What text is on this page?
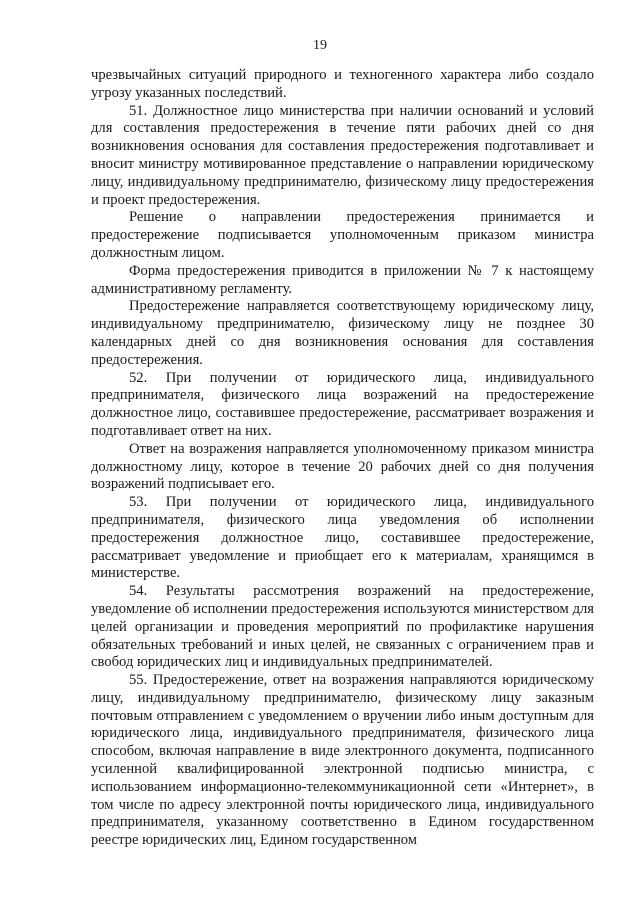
19

чрезвычайных ситуаций природного и техногенного характера либо создало угрозу указанных последствий.

51. Должностное лицо министерства при наличии оснований и условий для составления предостережения в течение пяти рабочих дней со дня возникновения основания для составления предостережения подготавливает и вносит министру мотивированное представление о направлении юридическому лицу, индивидуальному предпринимателю, физическому лицу предостережения и проект предостережения.

Решение о направлении предостережения принимается и предостережение подписывается уполномоченным приказом министра должностным лицом.

Форма предостережения приводится в приложении № 7 к настоящему административному регламенту.

Предостережение направляется соответствующему юридическому лицу, индивидуальному предпринимателю, физическому лицу не позднее 30 календарных дней со дня возникновения основания для составления предостережения.

52. При получении от юридического лица, индивидуального предпринимателя, физического лица возражений на предостережение должностное лицо, составившее предостережение, рассматривает возражения и подготавливает ответ на них.

Ответ на возражения направляется уполномоченному приказом министра должностному лицу, которое в течение 20 рабочих дней со дня получения возражений подписывает его.

53. При получении от юридического лица, индивидуального предпринимателя, физического лица уведомления об исполнении предостережения должностное лицо, составившее предостережение, рассматривает уведомление и приобщает его к материалам, хранящимся в министерстве.

54. Результаты рассмотрения возражений на предостережение, уведомление об исполнении предостережения используются министерством для целей организации и проведения мероприятий по профилактике нарушения обязательных требований и иных целей, не связанных с ограничением прав и свобод юридических лиц и индивидуальных предпринимателей.

55. Предостережение, ответ на возражения направляются юридическому лицу, индивидуальному предпринимателю, физическому лицу заказным почтовым отправлением с уведомлением о вручении либо иным доступным для юридического лица, индивидуального предпринимателя, физического лица способом, включая направление в виде электронного документа, подписанного усиленной квалифицированной электронной подписью министра, с использованием информационно-телекоммуникационной сети «Интернет», в том числе по адресу электронной почты юридического лица, индивидуального предпринимателя, указанному соответственно в Едином государственном реестре юридических лиц, Едином государственном
